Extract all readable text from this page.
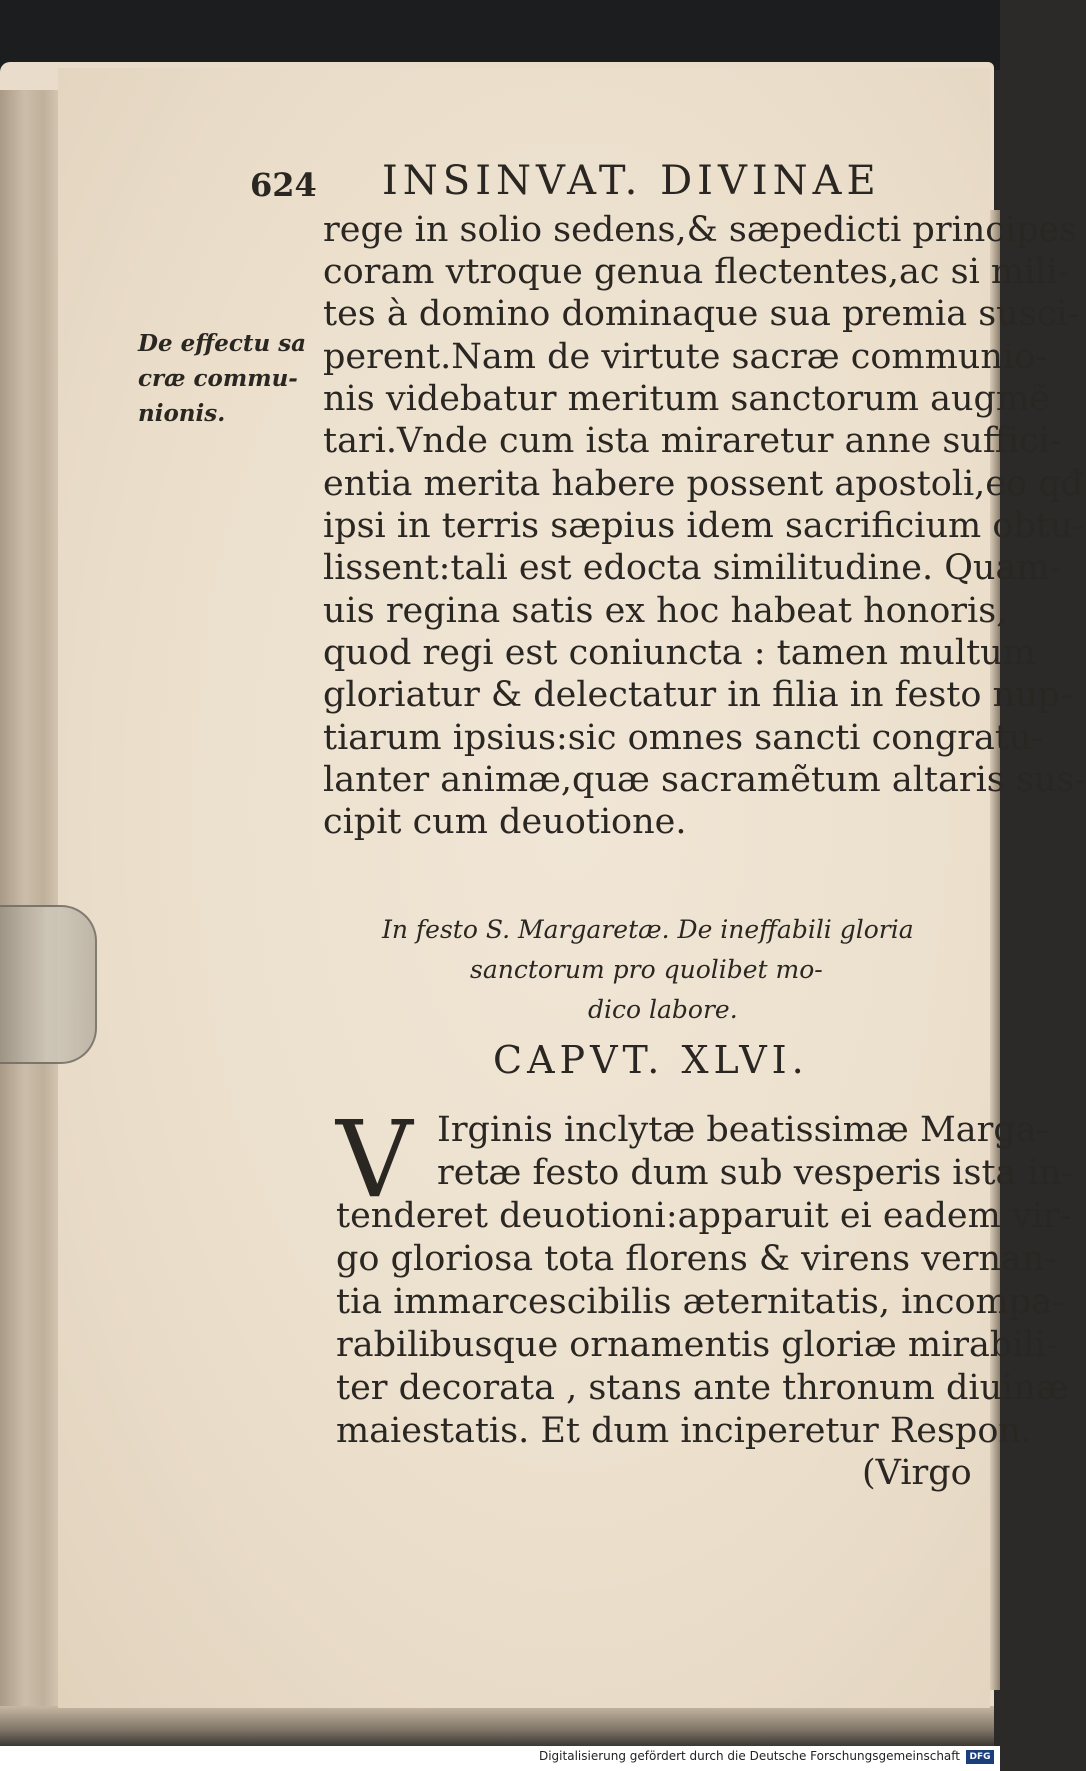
624 INSINVAT. DIVINAE
De effectu sa
cræ commu-
nionis.
rege in solio sedens,& sæpedicti principes
coram vtroque genua flectentes,ac si mili-
tes à domino dominaque sua premia susci-
perent.Nam de virtute sacræ communio-
nis videbatur meritum sanctorum augmẽ
tari.Vnde cum ista miraretur anne suffici-
entia merita habere possent apostoli,eo qđ
ipsi in terris sæpius idem sacrificium obtu-
lissent:tali est edocta similitudine. Quam-
uis regina satis ex hoc habeat honoris,
quod regi est coniuncta : tamen multum
gloriatur & delectatur in filia in festo nup-
tiarum ipsius:sic omnes sancti congratu-
lanter animæ,quæ sacramẽtum altaris sus-
cipit cum deuotione.
In festo S. Margaretæ. De ineffabili gloria
sanctorum pro quolibet mo-
dico labore.
CAPVT. XLVI.
V Irginis inclytæ beatissimæ Marga-
retæ festo dum sub vesperis ista in-
tenderet deuotioni:apparuit ei eadem vir-
go gloriosa tota florens & virens vernan-
tia immarcescibilis æternitatis, incompa-
rabilibusque ornamentis gloriæ mirabili-
ter decorata , stans ante thronum diuinæ
maiestatis. Et dum inciperetur Respon.
(Virgo
Digitalisierung gefördert durch die Deutsche Forschungsgemeinschaft	DFG
